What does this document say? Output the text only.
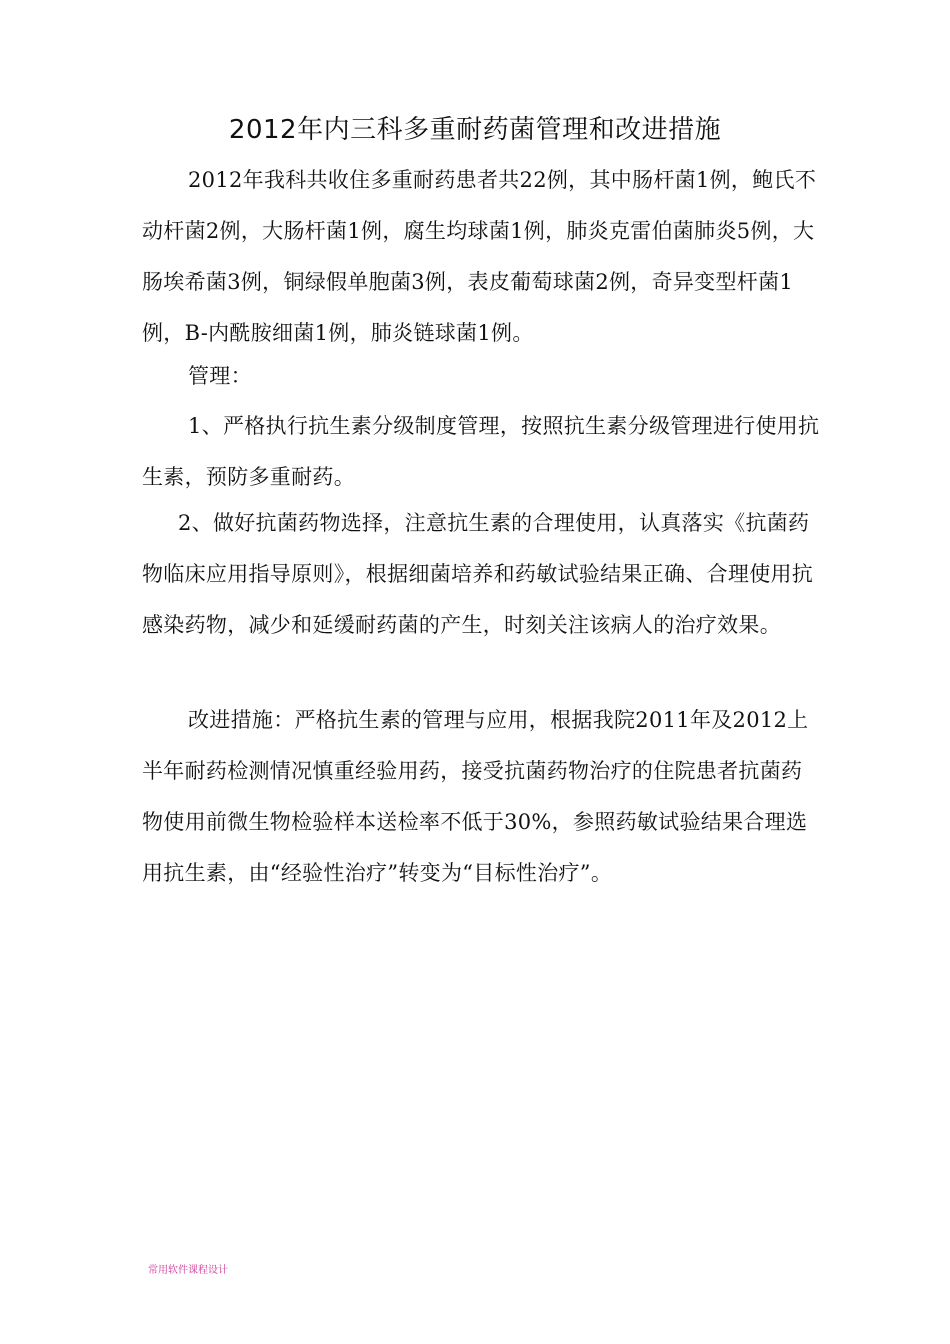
2012年内三科多重耐药菌管理和改进措施

2012年我科共收住多重耐药患者共22例，其中肠杆菌1例，鲍氏不动杆菌2例，大肠杆菌1例，腐生均球菌1例，肺炎克雷伯菌肺炎5例，大肠埃希菌3例，铜绿假单胞菌3例，表皮葡萄球菌2例，奇异变型杆菌1例，B-内酰胺细菌1例，肺炎链球菌1例。

管理：

1、严格执行抗生素分级制度管理，按照抗生素分级管理进行使用抗生素，预防多重耐药。

2、做好抗菌药物选择，注意抗生素的合理使用，认真落实《抗菌药物临床应用指导原则》，根据细菌培养和药敏试验结果正确、合理使用抗感染药物，减少和延缓耐药菌的产生，时刻关注该病人的治疗效果。

改进措施：严格抗生素的管理与应用，根据我院2011年及2012上半年耐药检测情况慎重经验用药，接受抗菌药物治疗的住院患者抗菌药物使用前微生物检验样本送检率不低于30%，参照药敏试验结果合理选用抗生素，由“经验性治疗”转变为“目标性治疗”。

常用软件课程设计
